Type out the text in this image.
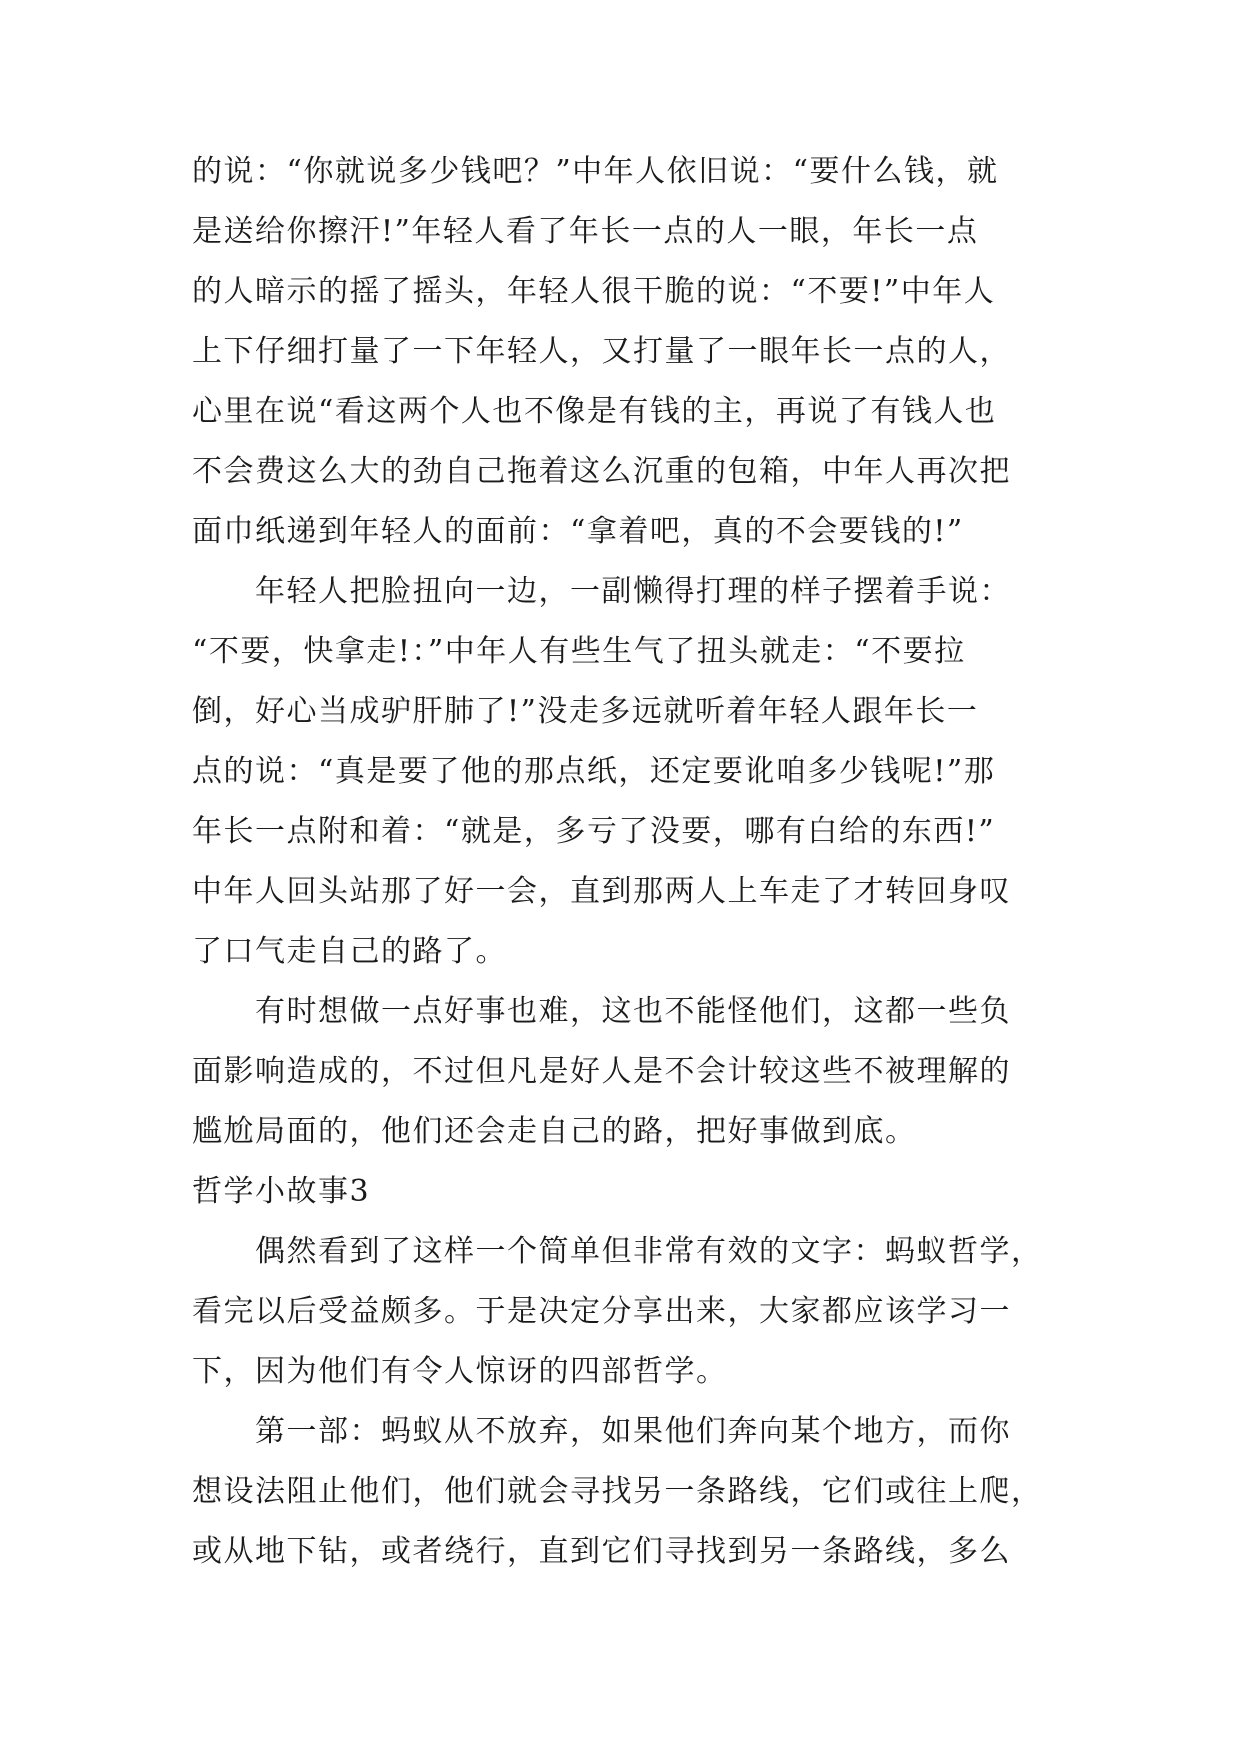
的说：“你就说多少钱吧？”中年人依旧说：“要什么钱，就
是送给你擦汗!”年轻人看了年长一点的人一眼，年长一点
的人暗示的摇了摇头，年轻人很干脆的说：“不要!”中年人
上下仔细打量了一下年轻人，又打量了一眼年长一点的人，
心里在说“看这两个人也不像是有钱的主，再说了有钱人也
不会费这么大的劲自己拖着这么沉重的包箱，中年人再次把
面巾纸递到年轻人的面前：“拿着吧，真的不会要钱的!”
年轻人把脸扭向一边，一副懒得打理的样子摆着手说：
“不要，快拿走!：”中年人有些生气了扭头就走：“不要拉
倒，好心当成驴肝肺了!”没走多远就听着年轻人跟年长一
点的说：“真是要了他的那点纸，还定要讹咱多少钱呢!”那
年长一点附和着：“就是，多亏了没要，哪有白给的东西!”
中年人回头站那了好一会，直到那两人上车走了才转回身叹
了口气走自己的路了。
有时想做一点好事也难，这也不能怪他们，这都一些负
面影响造成的，不过但凡是好人是不会计较这些不被理解的
尴尬局面的，他们还会走自己的路，把好事做到底。
哲学小故事3
偶然看到了这样一个简单但非常有效的文字：蚂蚁哲学，
看完以后受益颇多。于是决定分享出来，大家都应该学习一
下，因为他们有令人惊讶的四部哲学。
第一部：蚂蚁从不放弃，如果他们奔向某个地方，而你
想设法阻止他们，他们就会寻找另一条路线，它们或往上爬，
或从地下钻，或者绕行，直到它们寻找到另一条路线，多么
